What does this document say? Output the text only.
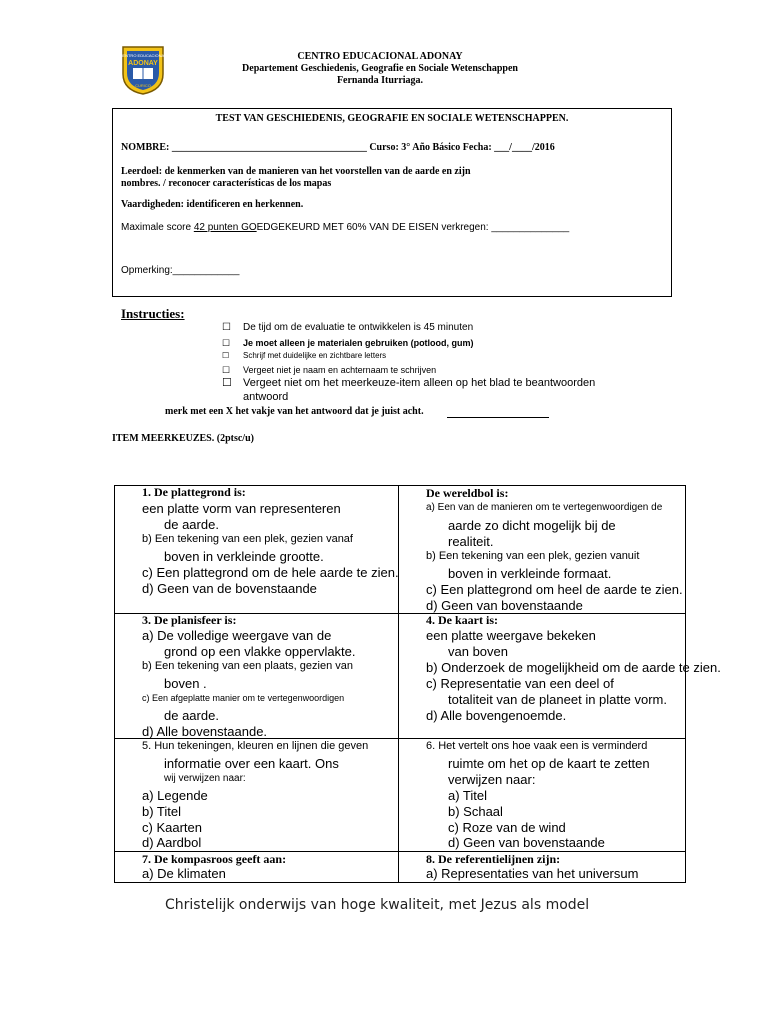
CENTRO EDUCACIONAL
ADONAY
CURICO
CENTRO EDUCACIONAL ADONAY
Departement Geschiedenis, Geografie en Sociale Wetenschappen
Fernanda Iturriaga.
TEST VAN GESCHIEDENIS, GEOGRAFIE EN SOCIALE WETENSCHAPPEN.
NOMBRE: _______________________________________ Curso: 3° Año Básico Fecha: ___/____/2016
Leerdoel: de kenmerken van de manieren van het voorstellen van de aarde en zijn
nombres. / reconocer características de los mapas
Vaardigheden: identificeren en herkennen.
Maximale score 42 punten GOEDGEKEURD MET 60% VAN DE EISEN verkregen: ______________
Opmerking:____________
Instructies:
☐ De tijd om de evaluatie te ontwikkelen is 45 minuten
☐ Je moet alleen je materialen gebruiken (potlood, gum)
☐ Schrijf met duidelijke en zichtbare letters
☐ Vergeet niet je naam en achternaam te schrijven
☐ Vergeet niet om het meerkeuze-item alleen op het blad te beantwoorden
antwoord
merk met een X het vakje van het antwoord dat je juist acht.
ITEM MEERKEUZES. (2ptsc/u)
1. De plattegrond is:
een platte vorm van representeren
de aarde.
b) Een tekening van een plek, gezien vanaf
boven in verkleinde grootte.
c) Een plattegrond om de hele aarde te zien.
d) Geen van de bovenstaande
De wereldbol is:
a) Een van de manieren om te vertegenwoordigen de
aarde zo dicht mogelijk bij de
realiteit.
b) Een tekening van een plek, gezien vanuit
boven in verkleinde formaat.
c) Een plattegrond om heel de aarde te zien.
d) Geen van bovenstaande
3. De planisfeer is:
a) De volledige weergave van de
grond op een vlakke oppervlakte.
b) Een tekening van een plaats, gezien van
boven .
c) Een afgeplatte manier om te vertegenwoordigen
de aarde.
d) Alle bovenstaande.
4. De kaart is:
een platte weergave bekeken
van boven
b) Onderzoek de mogelijkheid om de aarde te zien.
c) Representatie van een deel of
totaliteit van de planeet in platte vorm.
d) Alle bovengenoemde.
5. Hun tekeningen, kleuren en lijnen die geven
informatie over een kaart. Ons
wij verwijzen naar:
a) Legende
b) Titel
c) Kaarten
d) Aardbol
6. Het vertelt ons hoe vaak een is verminderd
ruimte om het op de kaart te zetten
verwijzen naar:
a) Titel
b) Schaal
c) Roze van de wind
d) Geen van bovenstaande
7. De kompasroos geeft aan:
a) De klimaten
8. De referentielijnen zijn:
a) Representaties van het universum
Christelijk onderwijs van hoge kwaliteit, met Jezus als model
